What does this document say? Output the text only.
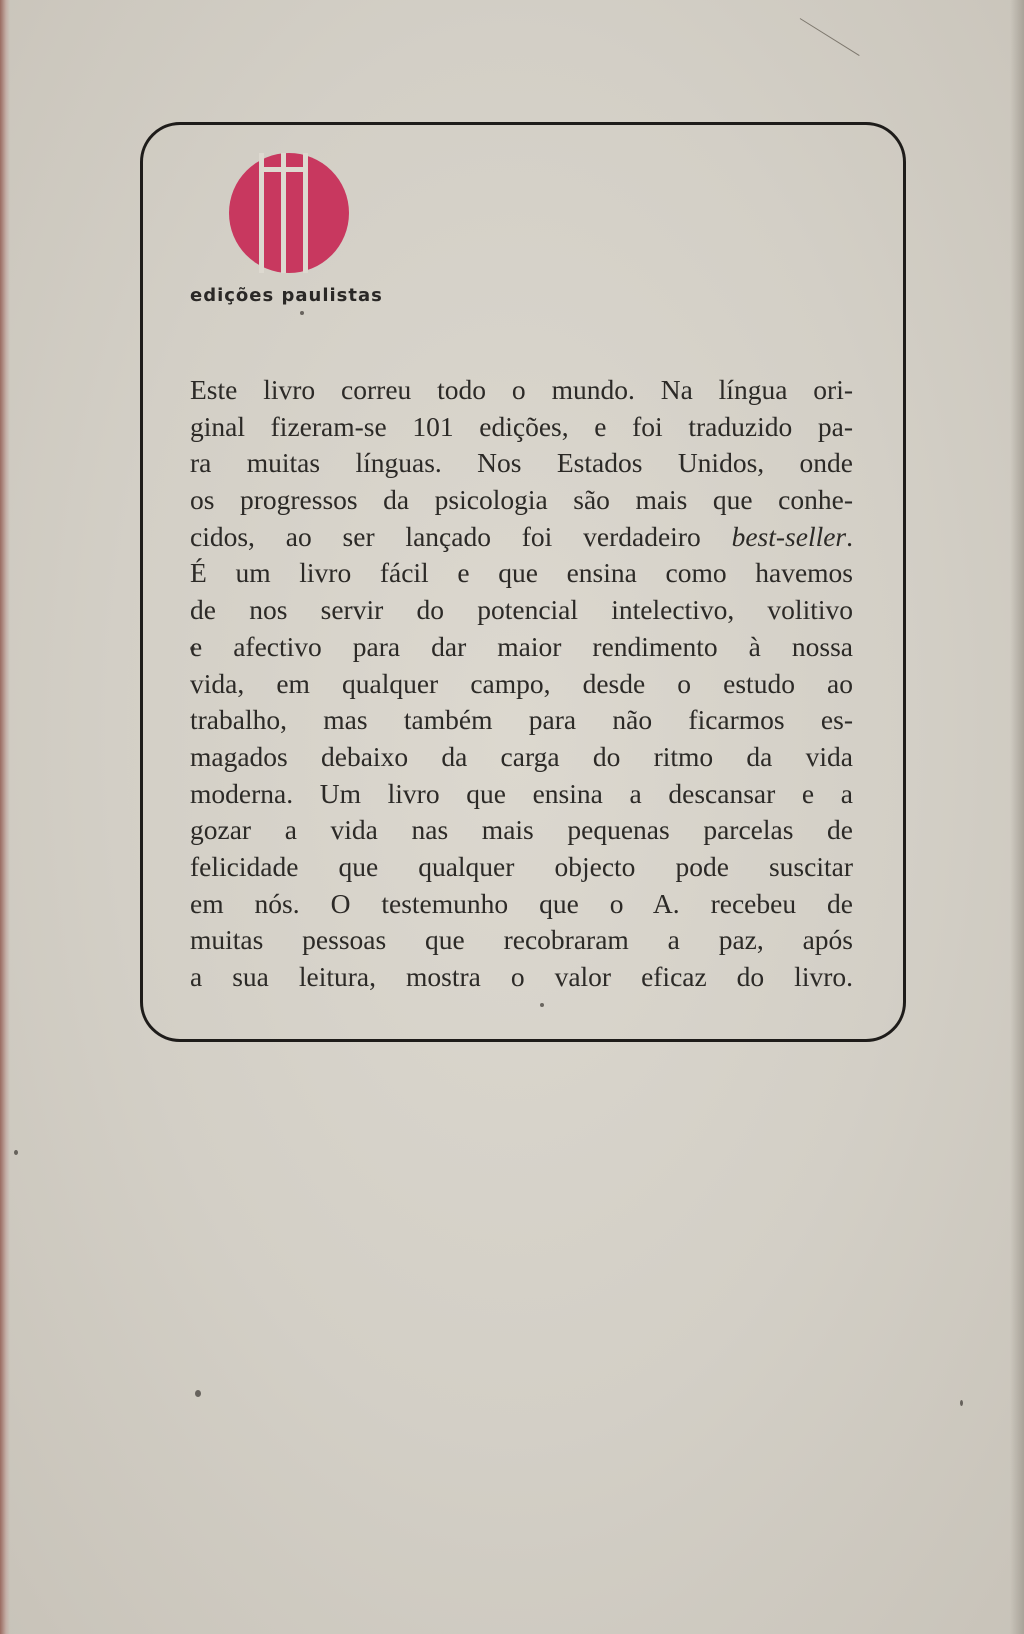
edições paulistas
Este livro correu todo o mundo. Na língua ori-
ginal fizeram-se 101 edições, e foi traduzido pa-
ra muitas línguas. Nos Estados Unidos, onde
os progressos da psicologia são mais que conhe-
cidos, ao ser lançado foi verdadeiro best-seller.
É um livro fácil e que ensina como havemos
de nos servir do potencial intelectivo, volitivo
e afectivo para dar maior rendimento à nossa
vida, em qualquer campo, desde o estudo ao
trabalho, mas também para não ficarmos es-
magados debaixo da carga do ritmo da vida
moderna. Um livro que ensina a descansar e a
gozar a vida nas mais pequenas parcelas de
felicidade que qualquer objecto pode suscitar
em nós. O testemunho que o A. recebeu de
muitas pessoas que recobraram a paz, após
a sua leitura, mostra o valor eficaz do livro.
